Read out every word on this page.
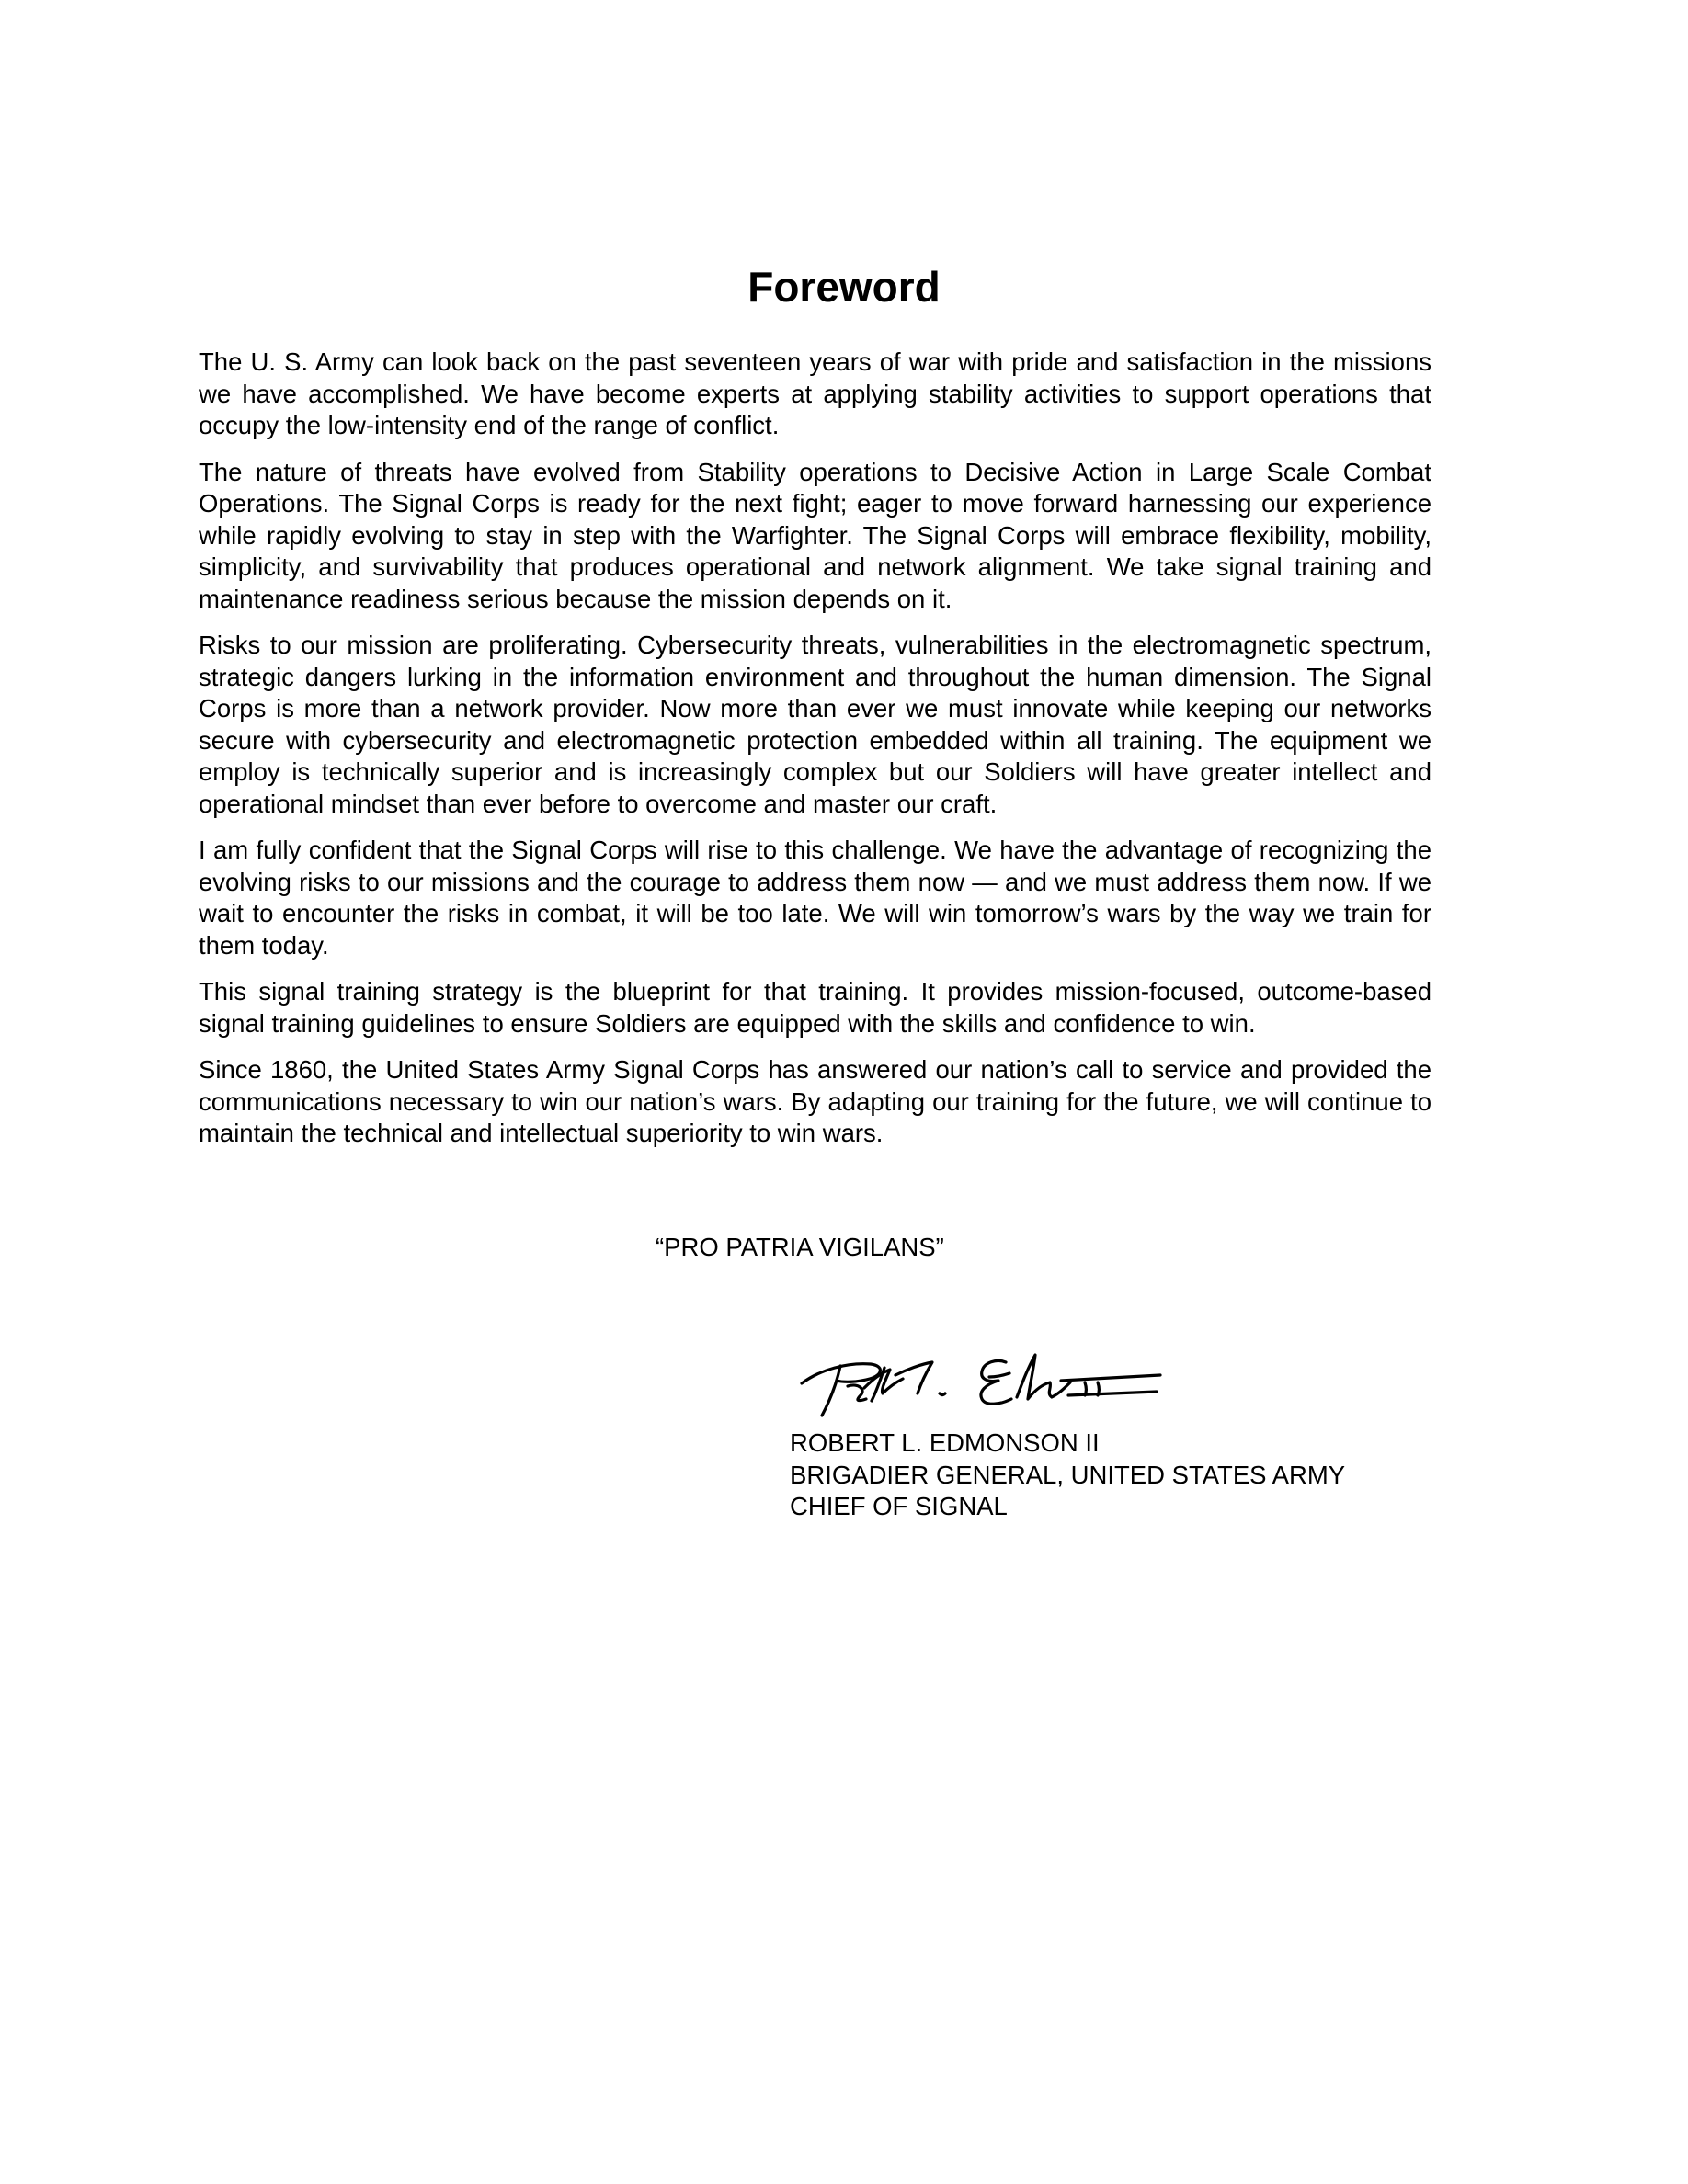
Foreword

The U. S. Army can look back on the past seventeen years of war with pride and satisfaction in the missions we have accomplished. We have become experts at applying stability activities to support operations that occupy the low-intensity end of the range of conflict.

The nature of threats have evolved from Stability operations to Decisive Action in Large Scale Combat Operations. The Signal Corps is ready for the next fight; eager to move forward harnessing our experience while rapidly evolving to stay in step with the Warfighter. The Signal Corps will embrace flexibility, mobility, simplicity, and survivability that produces operational and network alignment. We take signal training and maintenance readiness serious because the mission depends on it.

Risks to our mission are proliferating. Cybersecurity threats, vulnerabilities in the electromagnetic spectrum, strategic dangers lurking in the information environment and throughout the human dimension. The Signal Corps is more than a network provider. Now more than ever we must innovate while keeping our networks secure with cybersecurity and electromagnetic protection embedded within all training. The equipment we employ is technically superior and is increasingly complex but our Soldiers will have greater intellect and operational mindset than ever before to overcome and master our craft.

I am fully confident that the Signal Corps will rise to this challenge. We have the advantage of recognizing the evolving risks to our missions and the courage to address them now — and we must address them now. If we wait to encounter the risks in combat, it will be too late. We will win tomorrow’s wars by the way we train for them today.

This signal training strategy is the blueprint for that training. It provides mission-focused, outcome-based signal training guidelines to ensure Soldiers are equipped with the skills and confidence to win.

Since 1860, the United States Army Signal Corps has answered our nation’s call to service and provided the communications necessary to win our nation’s wars. By adapting our training for the future, we will continue to maintain the technical and intellectual superiority to win wars.

“PRO PATRIA VIGILANS”
ROBERT L. EDMONSON II
BRIGADIER GENERAL, UNITED STATES ARMY
CHIEF OF SIGNAL
